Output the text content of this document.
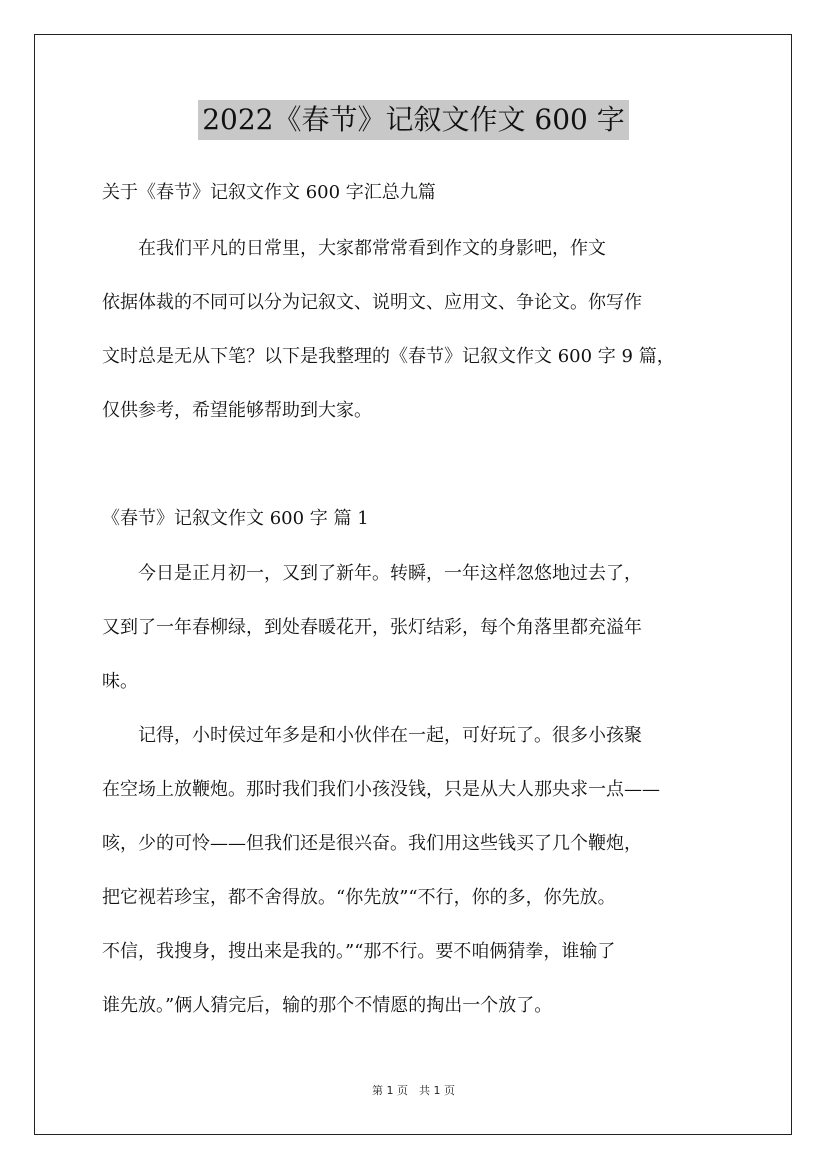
2022《春节》记叙文作文 600 字
关于《春节》记叙文作文 600 字汇总九篇

　　在我们平凡的日常里，大家都常常看到作文的身影吧，作文
依据体裁的不同可以分为记叙文、说明文、应用文、争论文。你写作
文时总是无从下笔？以下是我整理的《春节》记叙文作文 600 字 9 篇，
仅供参考，希望能够帮助到大家。

《春节》记叙文作文 600 字 篇 1

　　今日是正月初一，又到了新年。转瞬，一年这样忽悠地过去了，
又到了一年春柳绿，到处春暖花开，张灯结彩，每个角落里都充溢年
味。

　　记得，小时侯过年多是和小伙伴在一起，可好玩了。很多小孩聚
在空场上放鞭炮。那时我们我们小孩没钱，只是从大人那央求一点——
咳，少的可怜——但我们还是很兴奋。我们用这些钱买了几个鞭炮，
把它视若珍宝，都不舍得放。“你先放”“不行，你的多，你先放。
不信，我搜身，搜出来是我的。”“那不行。要不咱俩猜拳，谁输了
谁先放。”俩人猜完后，输的那个不情愿的掏出一个放了。

第 1 页　共 1 页
